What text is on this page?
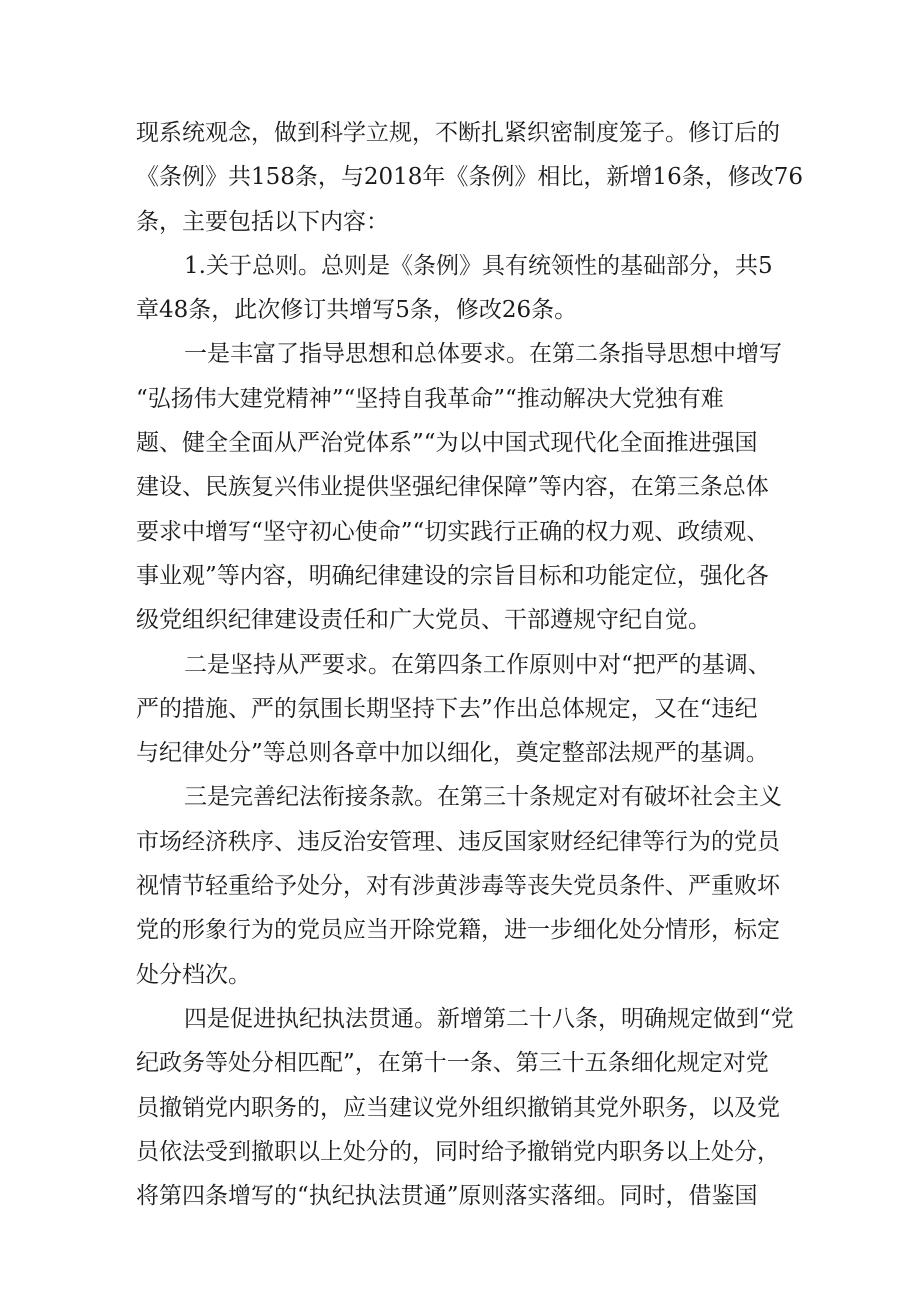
现系统观念，做到科学立规，不断扎紧织密制度笼子。修订后的
《条例》共158条，与2018年《条例》相比，新增16条，修改76
条，主要包括以下内容：
1.关于总则。总则是《条例》具有统领性的基础部分，共5
章48条，此次修订共增写5条，修改26条。
一是丰富了指导思想和总体要求。在第二条指导思想中增写
“弘扬伟大建党精神”“坚持自我革命”“推动解决大党独有难
题、健全全面从严治党体系”“为以中国式现代化全面推进强国
建设、民族复兴伟业提供坚强纪律保障”等内容，在第三条总体
要求中增写“坚守初心使命”“切实践行正确的权力观、政绩观、
事业观”等内容，明确纪律建设的宗旨目标和功能定位，强化各
级党组织纪律建设责任和广大党员、干部遵规守纪自觉。
二是坚持从严要求。在第四条工作原则中对“把严的基调、
严的措施、严的氛围长期坚持下去”作出总体规定，又在“违纪
与纪律处分”等总则各章中加以细化，奠定整部法规严的基调。
三是完善纪法衔接条款。在第三十条规定对有破坏社会主义
市场经济秩序、违反治安管理、违反国家财经纪律等行为的党员
视情节轻重给予处分，对有涉黄涉毒等丧失党员条件、严重败坏
党的形象行为的党员应当开除党籍，进一步细化处分情形，标定
处分档次。
四是促进执纪执法贯通。新增第二十八条，明确规定做到“党
纪政务等处分相匹配”，在第十一条、第三十五条细化规定对党
员撤销党内职务的，应当建议党外组织撤销其党外职务，以及党
员依法受到撤职以上处分的，同时给予撤销党内职务以上处分，
将第四条增写的“执纪执法贯通”原则落实落细。同时，借鉴国
